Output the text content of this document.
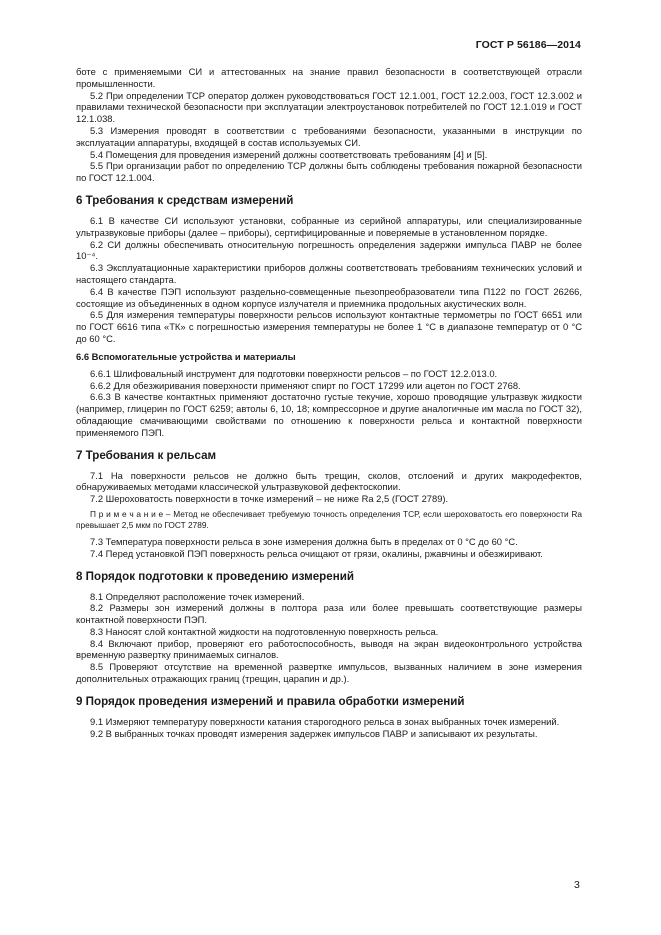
ГОСТ Р 56186—2014

боте с применяемыми СИ и аттестованных на знание правил безопасности в соответствующей отрасли промышленности.

5.2 При определении ТСР оператор должен руководствоваться ГОСТ 12.1.001, ГОСТ 12.2.003, ГОСТ 12.3.002 и правилами технической безопасности при эксплуатации электроустановок потребителей по ГОСТ 12.1.019 и ГОСТ 12.1.038.

5.3 Измерения проводят в соответствии с требованиями безопасности, указанными в инструкции по эксплуатации аппаратуры, входящей в состав используемых СИ.

5.4 Помещения для проведения измерений должны соответствовать требованиям [4] и [5].

5.5 При организации работ по определению ТСР должны быть соблюдены требования пожарной безопасности по ГОСТ 12.1.004.

6 Требования к средствам измерений

6.1 В качестве СИ используют установки, собранные из серийной аппаратуры, или специализированные ультразвуковые приборы (далее – приборы), сертифицированные и поверяемые в установленном порядке.

6.2 СИ должны обеспечивать относительную погрешность определения задержки импульса ПАВР не более 10⁻⁴.

6.3 Эксплуатационные характеристики приборов должны соответствовать требованиям технических условий и настоящего стандарта.

6.4 В качестве ПЭП используют раздельно-совмещенные пьезопреобразователи типа П122 по ГОСТ 26266, состоящие из объединенных в одном корпусе излучателя и приемника продольных акустических волн.

6.5 Для измерения температуры поверхности рельсов используют контактные термометры по ГОСТ 6651 или по ГОСТ 6616 типа «ТК» с погрешностью измерения температуры не более 1 °С в диапазоне температур от 0 °С до 60 °С.

6.6 Вспомогательные устройства и материалы

6.6.1 Шлифовальный инструмент для подготовки поверхности рельсов – по ГОСТ 12.2.013.0.

6.6.2 Для обезжиривания поверхности применяют спирт по ГОСТ 17299 или ацетон по ГОСТ 2768.

6.6.3 В качестве контактных применяют достаточно густые текучие, хорошо проводящие ультразвук жидкости (например, глицерин по ГОСТ 6259; автолы 6, 10, 18; компрессорное и другие аналогичные им масла по ГОСТ 32), обладающие смачивающими свойствами по отношению к поверхности рельса и контактной поверхности применяемого ПЭП.

7 Требования к рельсам

7.1 На поверхности рельсов не должно быть трещин, сколов, отслоений и других макродефектов, обнаруживаемых методами классической ультразвуковой дефектоскопии.

7.2 Шероховатость поверхности в точке измерений – не ниже Ra 2,5 (ГОСТ 2789).

П р и м е ч а н и е – Метод не обеспечивает требуемую точность определения ТСР, если шероховатость его поверхности Ra превышает 2,5 мкм по ГОСТ 2789.

7.3 Температура поверхности рельса в зоне измерения должна быть в пределах от 0 °С до 60 °С.

7.4 Перед установкой ПЭП поверхность рельса очищают от грязи, окалины, ржавчины и обезжиривают.

8 Порядок подготовки к проведению измерений

8.1 Определяют расположение точек измерений.

8.2 Размеры зон измерений должны в полтора раза или более превышать соответствующие размеры контактной поверхности ПЭП.

8.3 Наносят слой контактной жидкости на подготовленную поверхность рельса.

8.4 Включают прибор, проверяют его работоспособность, выводя на экран видеоконтрольного устройства временную развертку принимаемых сигналов.

8.5 Проверяют отсутствие на временной развертке импульсов, вызванных наличием в зоне измерения дополнительных отражающих границ (трещин, царапин и др.).

9 Порядок проведения измерений и правила обработки измерений

9.1 Измеряют температуру поверхности катания старогодного рельса в зонах выбранных точек измерений.

9.2 В выбранных точках проводят измерения задержек импульсов ПАВР и записывают их результаты.

3
